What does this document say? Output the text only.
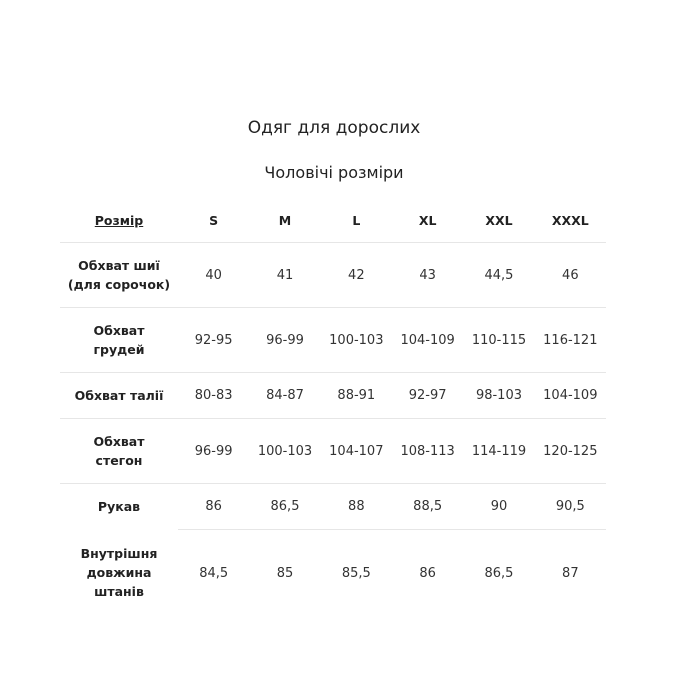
Одяг для дорослих
Чоловічі розміри
Розмір	S	M	L	XL	XXL	XXXL

Обхват шиї
(для сорочок)	40	41	42	43	44,5	46

Обхват
грудей	92-95	96-99	100-103	104-109	110-115	116-121

Обхват талії	80-83	84-87	88-91	92-97	98-103	104-109

Обхват
стегон	96-99	100-103	104-107	108-113	114-119	120-125

Рукав	86	86,5	88	88,5	90	90,5

Внутрішня
довжина
штанів	84,5	85	85,5	86	86,5	87
